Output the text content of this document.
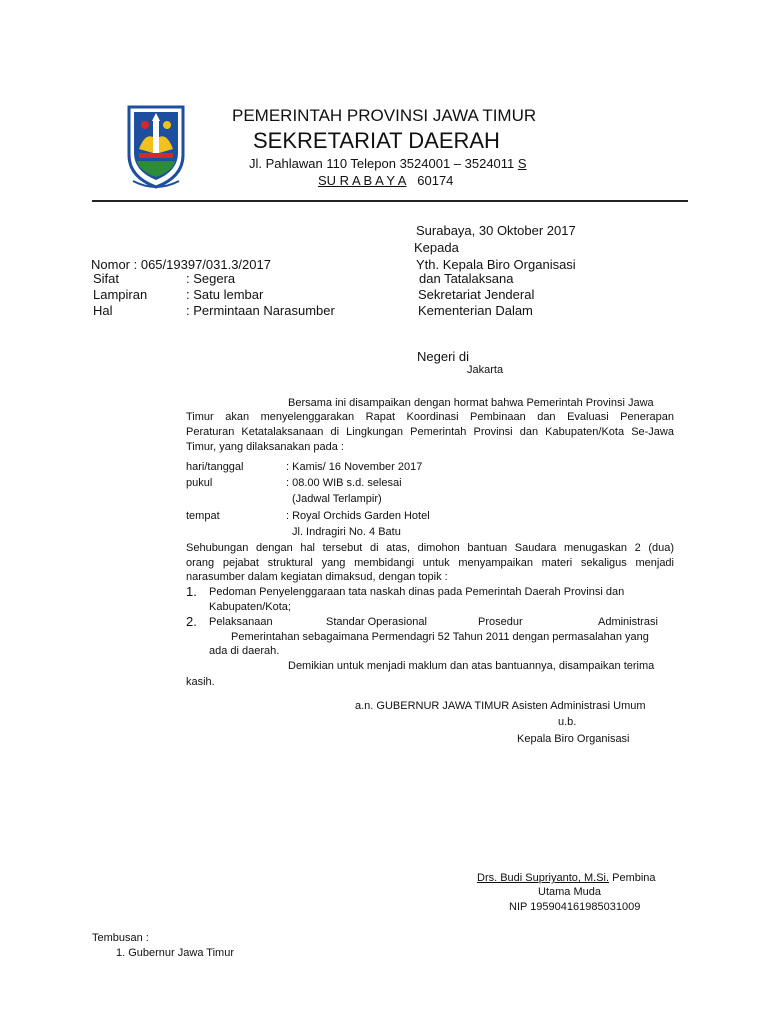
PEMERINTAH PROVINSI JAWA TIMUR
SEKRETARIAT DAERAH
Jl. Pahlawan 110 Telepon 3524001 – 3524011 S
SU R A B A Y A 60174
Surabaya, 30 Oktober 2017
Kepada
Yth. Kepala Biro Organisasi
dan Tatalaksana
Sekretariat Jenderal
Kementerian Dalam
Negeri di
Jakarta
Nomor : 065/19397/031.3/2017
Sifat	: Segera
Lampiran	: Satu lembar
Hal	: Permintaan Narasumber
Bersama ini disampaikan dengan hormat bahwa Pemerintah Provinsi Jawa
Timur akan menyelenggarakan Rapat Koordinasi Pembinaan dan Evaluasi Penerapan
Peraturan Ketatalaksanaan di Lingkungan Pemerintah Provinsi dan Kabupaten/Kota Se-Jawa
Timur, yang dilaksanakan pada :
hari/tanggal	: Kamis/ 16 November 2017
pukul	: 08.00 WIB s.d. selesai
(Jadwal Terlampir)
tempat	: Royal Orchids Garden Hotel
Jl. Indragiri No. 4 Batu
Sehubungan dengan hal tersebut di atas, dimohon bantuan Saudara menugaskan 2 (dua)
orang pejabat struktural yang membidangi untuk menyampaikan materi sekaligus menjadi
narasumber dalam kegiatan dimaksud, dengan topik :
1. Pedoman Penyelenggaraan tata naskah dinas pada Pemerintah Daerah Provinsi dan
Kabupaten/Kota;
2. Pelaksanaan	Standar Operasional	Prosedur	Administrasi
Pemerintahan sebagaimana Permendagri 52 Tahun 2011 dengan permasalahan yang
ada di daerah.
Demikian untuk menjadi maklum dan atas bantuannya, disampaikan terima
kasih.
a.n. GUBERNUR JAWA TIMUR Asisten Administrasi Umum
u.b.
Kepala Biro Organisasi
Drs. Budi Supriyanto, M.Si. Pembina
Utama Muda
NIP 195904161985031009
Tembusan :
1. Gubernur Jawa Timur
